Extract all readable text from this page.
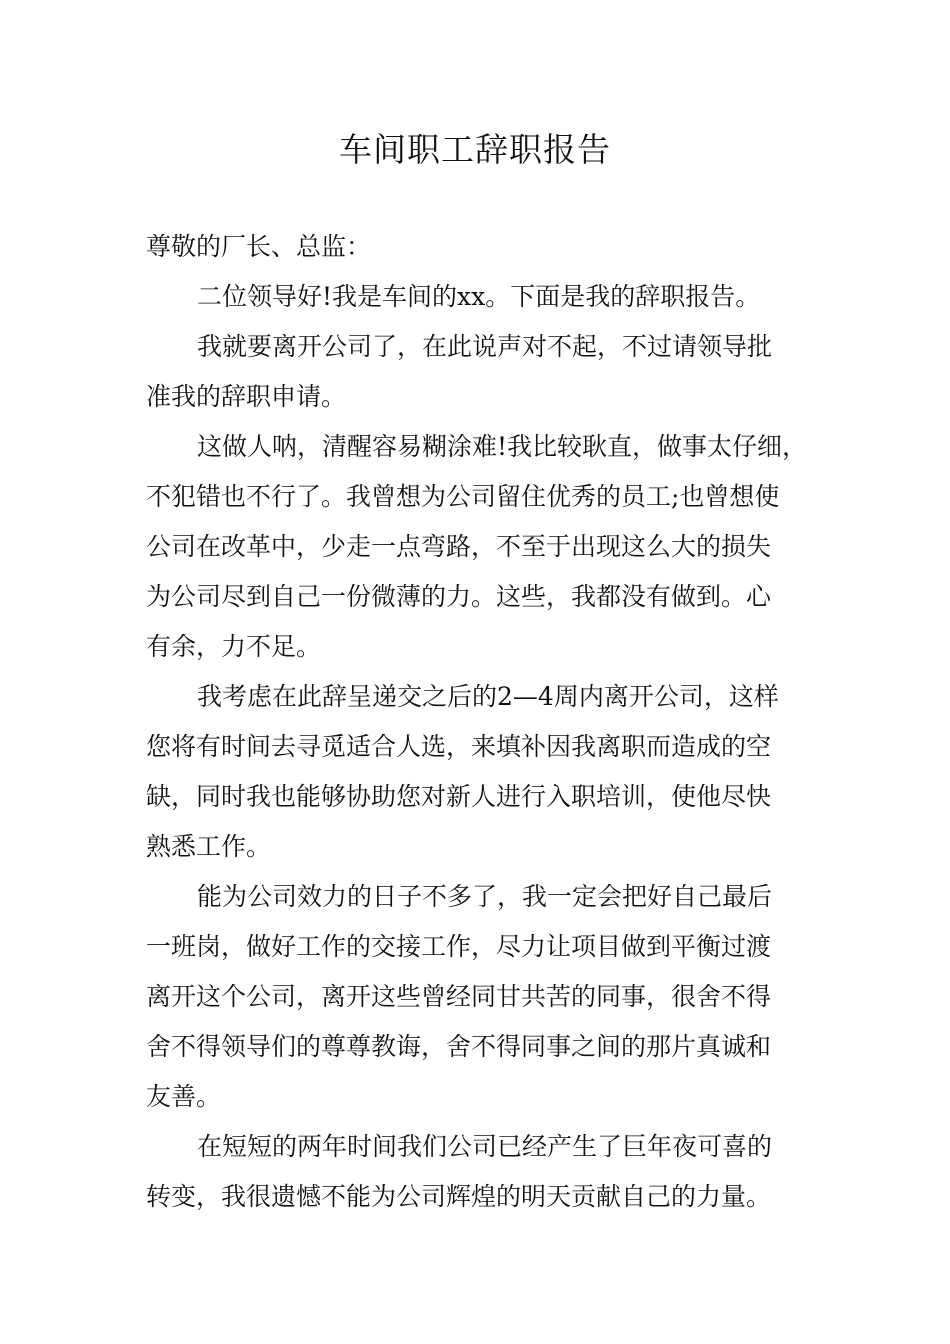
车间职工辞职报告

尊敬的厂长、总监：

二位领导好!我是车间的xx。下面是我的辞职报告。

我就要离开公司了，在此说声对不起，不过请领导批
准我的辞职申请。

这做人呐，清醒容易糊涂难!我比较耿直，做事太仔细，
不犯错也不行了。我曾想为公司留住优秀的员工;也曾想使
公司在改革中，少走一点弯路，不至于出现这么大的损失
为公司尽到自己一份微薄的力。这些，我都没有做到。心
有余，力不足。

我考虑在此辞呈递交之后的2—4周内离开公司，这样
您将有时间去寻觅适合人选，来填补因我离职而造成的空
缺，同时我也能够协助您对新人进行入职培训，使他尽快
熟悉工作。

能为公司效力的日子不多了，我一定会把好自己最后
一班岗，做好工作的交接工作，尽力让项目做到平衡过渡
离开这个公司，离开这些曾经同甘共苦的同事，很舍不得
舍不得领导们的尊尊教诲，舍不得同事之间的那片真诚和
友善。

在短短的两年时间我们公司已经产生了巨年夜可喜的
转变，我很遗憾不能为公司辉煌的明天贡献自己的力量。
